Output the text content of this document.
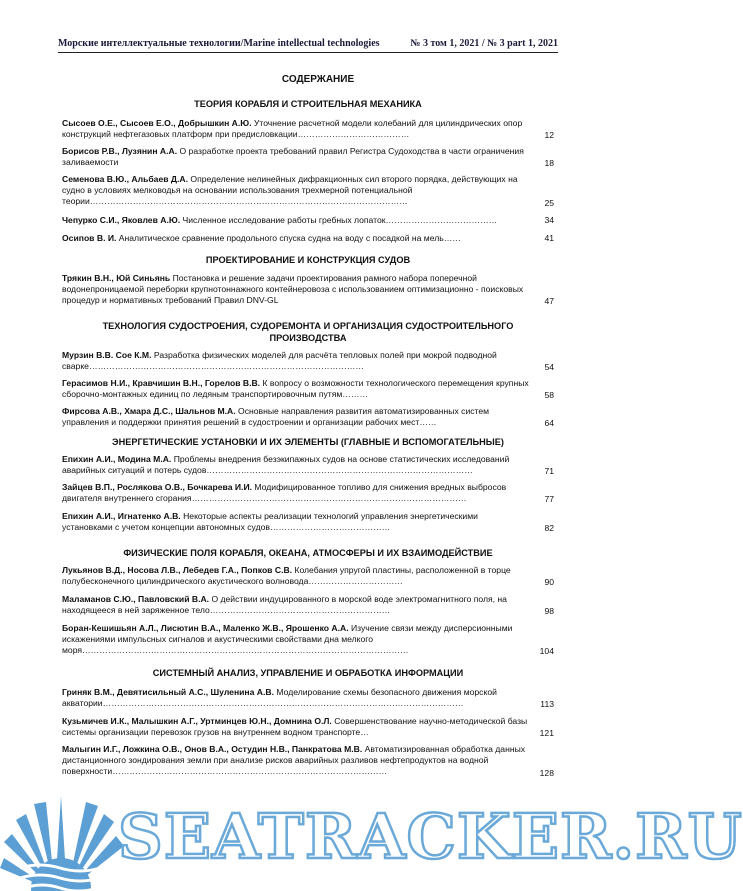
Морские интеллектуальные технологии/Marine intellectual technologies	№ 3 том 1, 2021 / № 3 part 1, 2021
СОДЕРЖАНИЕ
ТЕОРИЯ КОРАБЛЯ И СТРОИТЕЛЬНАЯ МЕХАНИКА
ПРОЕКТИРОВАНИЕ И КОНСТРУКЦИЯ СУДОВ
ТЕХНОЛОГИЯ СУДОСТРОЕНИЯ, СУДОРЕМОНТА И ОРГАНИЗАЦИЯ СУДОСТРОИТЕЛЬНОГО
ПРОИЗВОДСТВА
ЭНЕРГЕТИЧЕСКИЕ УСТАНОВКИ И ИХ ЭЛЕМЕНТЫ (ГЛАВНЫЕ И ВСПОМОГАТЕЛЬНЫЕ)
ФИЗИЧЕСКИЕ ПОЛЯ КОРАБЛЯ, ОКЕАНА, АТМОСФЕРЫ И ИХ ВЗАИМОДЕЙСТВИЕ
СИСТЕМНЫЙ АНАЛИЗ, УПРАВЛЕНИЕ И ОБРАБОТКА ИНФОРМАЦИИ
Сысоев О.Е., Сысоев Е.О., Добрышкин А.Ю. Уточнение расчетной модели колебаний для цилиндрических опор конструкций нефтегазовых платформ при предисловкации…………………………………	12
Борисов Р.В., Лузянин А.А. О разработке проекта требований правил Регистра Судоходства в части ограничения заливаемости	18
Семенова В.Ю., Альбаев Д.А. Определение нелинейных дифракционных сил второго порядка, действующих на судно в условиях мелководья на основании использования трехмерной потенциальной теории…………………………………………………………………………………………………	25
Чепурко С.И., Яковлев А.Ю. Численное исследование работы гребных лопаток…………………………………	34
Осипов В. И. Аналитическое сравнение продольного спуска судна на воду с посадкой на мель……	41
Трякин В.Н., Юй Синьянь Постановка и решение задачи проектирования рамного набора поперечной водонепроницаемой переборки крупнотоннажного контейнеровоза с использованием оптимизационно - поисковых процедур и нормативных требований Правил DNV-GL	47
Мурзин В.В. Сое К.М. Разработка физических моделей для расчёта тепловых полей при мокрой подводной сварке……………………………………………………………………………………	54
Герасимов Н.И., Кравчишин В.Н., Горелов В.В. К вопросу о возможности технологического перемещения крупных сборочно-монтажных единиц по ледяным транспортировочным путям………	58
Фирсова А.В., Хмара Д.С., Шальнов М.А. Основные направления развития автоматизированных систем управления и поддержки принятия решений в судостроении и организации рабочих мест……	64
Епихин А.И., Модина М.А. Проблемы внедрения безэкипажных судов на основе статистических исследований аварийных ситуаций и потерь судов…………………………………………………………………………………	71
Зайцев В.П., Рослякова О.В., Бочкарева И.И. Модифицированное топливо для снижения вредных выбросов двигателя внутреннего сгорания……………………………………………………………………………………	77
Епихин А.И., Игнатенко А.В. Некоторые аспекты реализации технологий управления энергетическими установками с учетом концепции автономных судов……………………………………	82
Лукьянов В.Д., Носова Л.В., Лебедев Г.А., Попков С.В. Колебания упругой пластины, расположенной в торце полубесконечного цилиндрического акустического волновода……………………………	90
Маламанов С.Ю., Павловский В.А. О действии индуцированного в морской воде электромагнитного поля, на находящееся в ней заряженное тело………………………………………………………	98
Боран-Кешишьян А.Л., Лисютин В.А., Маленко Ж.В., Ярошенко А.А. Изучение связи между дисперсионными искажениями импульсных сигналов и акустическими свойствами дна мелкого моря……………………………………………………………………………………………………	104
Гриняк В.М., Девятисильный А.С., Шуленина А.В. Моделирование схемы безопасного движения морской акватории………………………………………………………………………………………………………………	113
Кузьмичев И.К., Малышкин А.Г., Уртминцев Ю.Н., Домнина О.Л. Совершенствование научно-методической базы системы организации перевозок грузов на внутреннем водном транспорте…	121
Малыгин И.Г., Ложкина О.В., Онов В.А., Остудин Н.В., Панкратова М.В. Автоматизированная обработка данных дистанционного зондирования земли при анализе рисков аварийных разливов нефтепродуктов на водной поверхности……………………………………………………………………………………	128
SEATRACKER.RU
